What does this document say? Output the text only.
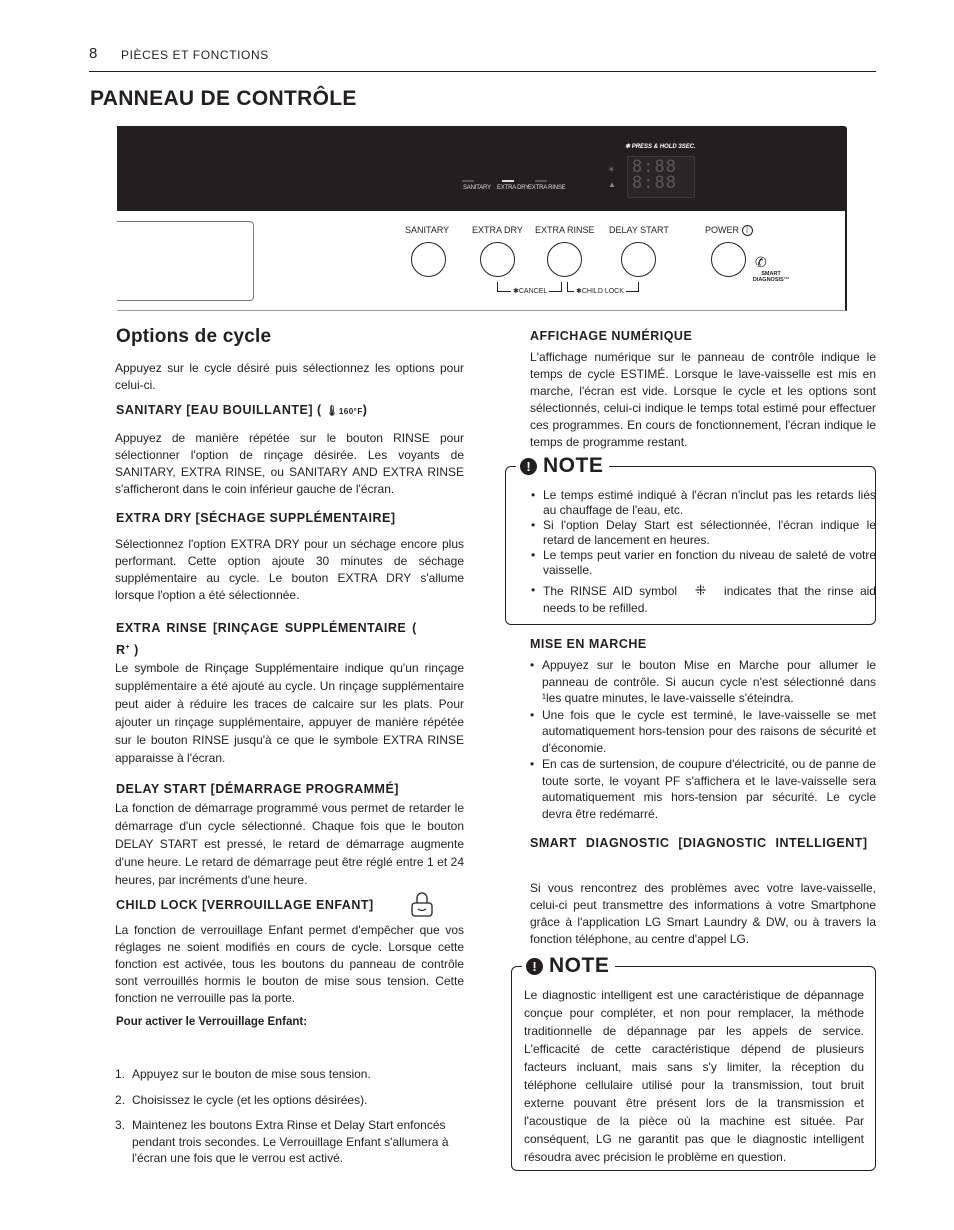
8 PIÈCES ET FONCTIONS
PANNEAU DE CONTRÔLE
✱ PRESS & HOLD 3SEC.
SANITARY EXTRA DRY
EXTRA RINSE
✳
▲
8:88
8:88
SANITARY	EXTRA DRY EXTRA RINSE DELAY START	POWER |
✱CANCEL	✱CHILD LOCK
✆
SMART DIAGNOSIS™
Options de cycle
Appuyez sur le cycle désiré puis sélectionnez les options pour celui-ci.
SANITARY [EAU BOUILLANTE] ( 🌡160°F)
Appuyez de manière répétée sur le bouton RINSE pour sélectionner l'option de rinçage désirée. Les voyants de SANITARY, EXTRA RINSE, ou SANITARY AND EXTRA RINSE s'afficheront dans le coin inférieur gauche de l'écran.
EXTRA DRY [SÉCHAGE SUPPLÉMENTAIRE]
Sélectionnez l'option EXTRA DRY pour un séchage encore plus performant. Cette option ajoute 30 minutes de séchage supplémentaire au cycle. Le bouton EXTRA DRY s'allume lorsque l'option a été sélectionnée.
EXTRA RINSE [RINÇAGE SUPPLÉMENTAIRE (
R+ )
Le symbole de Rinçage Supplémentaire indique qu'un rinçage supplémentaire a été ajouté au cycle. Un rinçage supplémentaire peut aider à réduire les traces de calcaire sur les plats. Pour ajouter un rinçage supplémentaire, appuyer de manière répétée sur le bouton RINSE jusqu'à ce que le symbole EXTRA RINSE apparaisse à l'écran.
DELAY START [DÉMARRAGE PROGRAMMÉ]
La fonction de démarrage programmé vous permet de retarder le démarrage d'un cycle sélectionné. Chaque fois que le bouton DELAY START est pressé, le retard de démarrage augmente d'une heure. Le retard de démarrage peut être réglé entre 1 et 24 heures, par incréments d'une heure.
CHILD LOCK [VERROUILLAGE ENFANT]
La fonction de verrouillage Enfant permet d'empêcher que vos réglages ne soient modifiés en cours de cycle. Lorsque cette fonction est activée, tous les boutons du panneau de contrôle sont verrouillés hormis le bouton de mise sous tension. Cette fonction ne verrouille pas la porte.
Pour activer le Verrouillage Enfant:
1. Appuyez sur le bouton de mise sous tension.
2. Choisissez le cycle (et les options désirées).
3. Maintenez les boutons Extra Rinse et Delay Start enfoncés pendant trois secondes. Le Verrouillage Enfant s'allumera à l'écran une fois que le verrou est activé.
AFFICHAGE NUMÉRIQUE
L'affichage numérique sur le panneau de contrôle indique le temps de cycle ESTIMÉ. Lorsque le lave-vaisselle est mis en marche, l'écran est vide. Lorsque le cycle et les options sont sélectionnés, celui-ci indique le temps total estimé pour effectuer ces programmes. En cours de fonctionnement, l'écran indique le temps de programme restant.
! NOTE
• Le temps estimé indiqué à l'écran n'inclut pas les retards liés au chauffage de l'eau, etc.
• Si l'option Delay Start est sélectionnée, l'écran indique le retard de lancement en heures.
• Le temps peut varier en fonction du niveau de saleté de votre vaisselle.
• The RINSE AID symbol ⁜ indicates that the rinse aid needs to be refilled.
MISE EN MARCHE
• Appuyez sur le bouton Mise en Marche pour allumer le panneau de contrôle. Si aucun cycle n'est sélectionné dans ¹les quatre minutes, le lave-vaisselle s'éteindra.
• Une fois que le cycle est terminé, le lave-vaisselle se met automatiquement hors-tension pour des raisons de sécurité et d'économie.
• En cas de surtension, de coupure d'électricité, ou de panne de toute sorte, le voyant PF s'affichera et le lave-vaisselle sera automatiquement mis hors-tension par sécurité. Le cycle devra être redémarré.
SMART DIAGNOSTIC [DIAGNOSTIC INTELLIGENT]
Si vous rencontrez des problèmes avec votre lave-vaisselle, celui-ci peut transmettre des informations à votre Smartphone grâce à l'application LG Smart Laundry & DW, ou à travers la fonction téléphone, au centre d'appel LG.
! NOTE
Le diagnostic intelligent est une caractéristique de dépannage conçue pour compléter, et non pour remplacer, la méthode traditionnelle de dépannage par les appels de service. L'efficacité de cette caractéristique dépend de plusieurs facteurs incluant, mais sans s'y limiter, la réception du téléphone cellulaire utilisé pour la transmission, tout bruit externe pouvant être présent lors de la transmission et l'acoustique de la pièce où la machine est située. Par conséquent, LG ne garantit pas que le diagnostic intelligent résoudra avec précision le problème en question.
